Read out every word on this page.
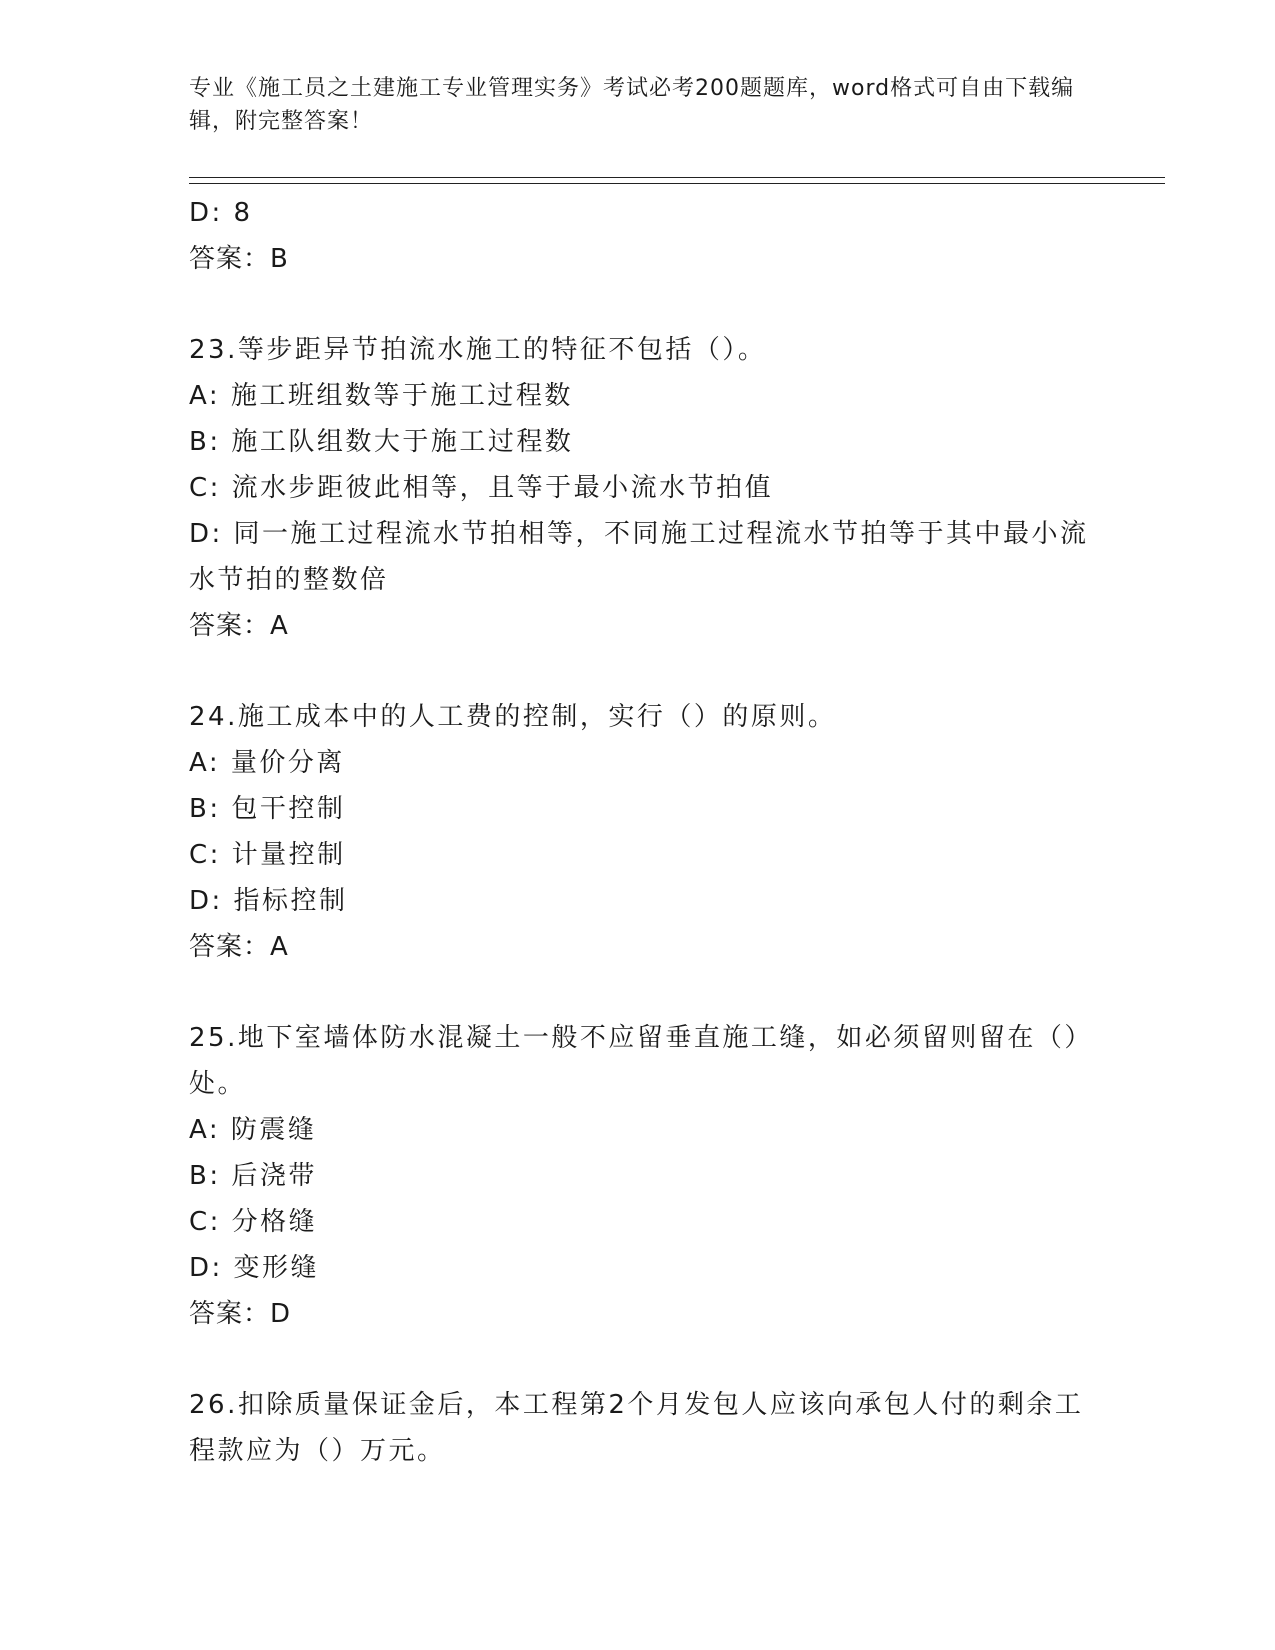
专业《施工员之土建施工专业管理实务》考试必考200题题库，word格式可自由下载编辑，附完整答案！
D: 8
答案：B
23.等步距异节拍流水施工的特征不包括（）。
A: 施工班组数等于施工过程数
B: 施工队组数大于施工过程数
C: 流水步距彼此相等，且等于最小流水节拍值
D: 同一施工过程流水节拍相等，不同施工过程流水节拍等于其中最小流水节拍的整数倍
答案：A
24.施工成本中的人工费的控制，实行（）的原则。
A: 量价分离
B: 包干控制
C: 计量控制
D: 指标控制
答案：A
25.地下室墙体防水混凝土一般不应留垂直施工缝，如必须留则留在（）处。
A: 防震缝
B: 后浇带
C: 分格缝
D: 变形缝
答案：D
26.扣除质量保证金后，本工程第2个月发包人应该向承包人付的剩余工程款应为（）万元。
